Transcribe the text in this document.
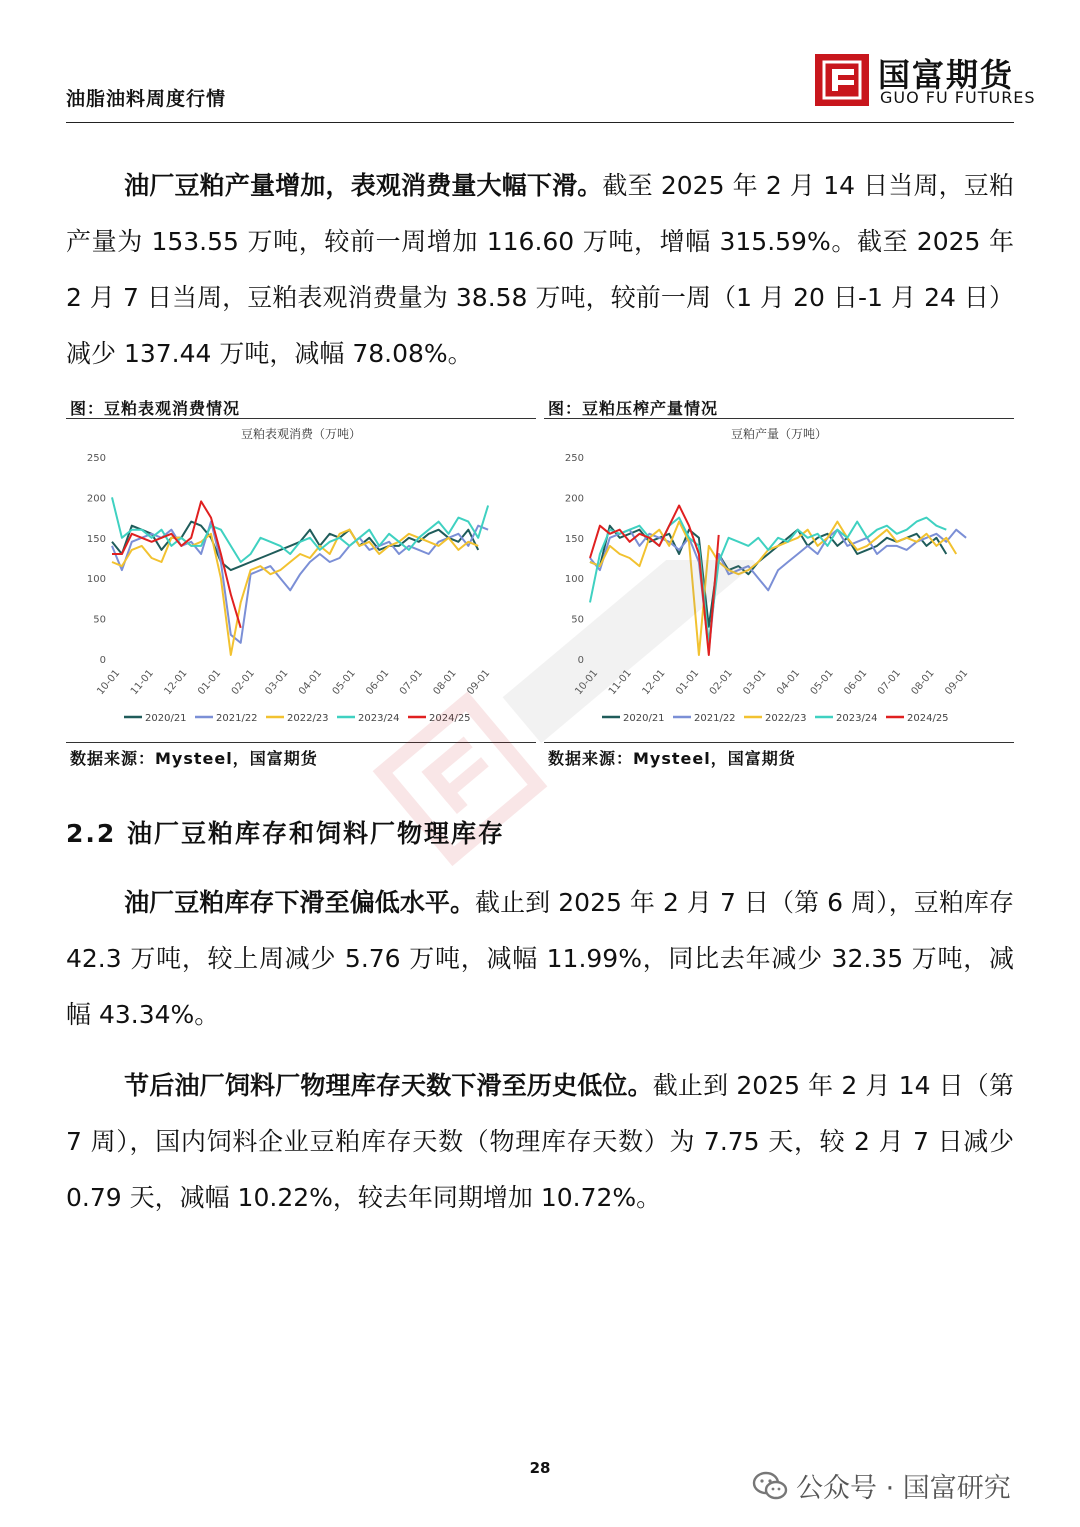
油脂油料周度行情
国富期货
GUO FU FUTURES
油厂豆粕产量增加，表观消费量大幅下滑。截至 2025 年 2 月 14 日当周，豆粕产量为 153.55 万吨，较前一周增加 116.60 万吨，增幅 315.59%。截至 2025 年 2 月 7 日当周，豆粕表观消费量为 38.58 万吨，较前一周（1 月 20 日-1 月 24 日）减少 137.44 万吨，减幅 78.08%。
图：豆粕表观消费情况
豆粕表观消费（万吨）
250
200
150
100
50
0
10-01 11-01 12-01 01-01 02-01 03-01 04-01 05-01 06-01 07-01 08-01 09-01
2020/21	2021/22	2022/23	2023/24	2024/25
数据来源：Mysteel，国富期货
图：豆粕压榨产量情况
豆粕产量（万吨）
250
200
150
100
50
0
10-01 11-01 12-01 01-01 02-01 03-01 04-01 05-01 06-01 07-01 08-01 09-01
2020/21	2021/22	2022/23	2023/24	2024/25
数据来源：Mysteel，国富期货
2.2 油厂豆粕库存和饲料厂物理库存
油厂豆粕库存下滑至偏低水平。截止到 2025 年 2 月 7 日（第 6 周），豆粕库存 42.3 万吨，较上周减少 5.76 万吨，减幅 11.99%，同比去年减少 32.35 万吨，减幅 43.34%。
节后油厂饲料厂物理库存天数下滑至历史低位。截止到 2025 年 2 月 14 日（第 7 周），国内饲料企业豆粕库存天数（物理库存天数）为 7.75 天，较 2 月 7 日减少 0.79 天，减幅 10.22%，较去年同期增加 10.72%。
28
公众号 · 国富研究
